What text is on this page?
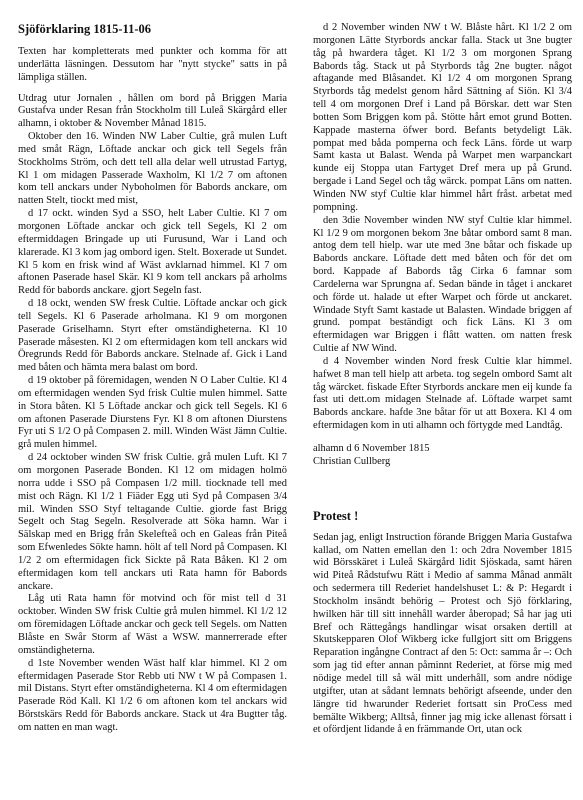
Sjöförklaring 1815-11-06

Texten har kompletterats med punkter och komma för att underlätta läsningen. Dessutom har "nytt stycke" satts in på lämpliga ställen.

Utdrag utur Jornalen , hållen om bord på Briggen Maria Gustafva under Resan från Stockholm till Luleå Skärgård eller alhamn, i oktober & November Månad 1815.

Oktober den 16. Winden NW Laber Cultie, grå mulen Luft med småt Rägn, Löftade anckar och gick tell Segels från Stockholms Ström, och dett tell alla delar well utrustad Fartyg, Kl 1 om midagen Passerade Waxholm, Kl 1/2 7 om aftonen kom tell anckars under Nyboholmen för Babords anckare, om natten Stelt, tiockt med mist,

d 17 ockt. winden Syd a SSO, helt Laber Cultie. Kl 7 om morgonen Löftade anckar och gick tell Segels, Kl 2 om eftermiddagen Bringade up uti Furusund, War i Land och klarerade. Kl 3 kom jag ombord igen. Stelt. Boxerade ut Sundet. Kl 5 kom en frisk wind af Wäst avklarnad himmel. Kl 7 om aftonen Paserade hasel Skär. Kl 9 kom tell anckars på arholms Redd för babords anckare. gjort Segeln fast.

d 18 ockt, wenden SW fresk Cultie. Löftade anckar och gick tell Segels. Kl 6 Paserade arholmana. Kl 9 om morgonen Paserade Griselhamn. Styrt efter omständigheterna. Kl 10 Paserade måsesten. Kl 2 om eftermidagen kom tell anckars wid Öregrunds Redd för Babords anckare. Stelnade af. Gick i Land med båten och hämta mera balast om bord.

d 19 oktober på föremidagen, wenden N O Laber Cultie. Kl 4 om eftermidagen wenden Syd frisk Cultie mulen himmel. Satte in Stora båten. Kl 5 Löftade anckar och gick tell Segels. Kl 6 om aftonen Paserade Diurstens Fyr. Kl 8 om aftonen Diurstens Fyr uti S 1/2 O på Compasen 2. mill. Winden Wäst Jämn Cultie. grå mulen himmel.

d 24 ocktober winden SW frisk Cultie. grå mulen Luft. Kl 7 om morgonen Paserade Bonden. Kl 12 om midagen holmö norra udde i SSO på Compasen 1/2 mill. tiocknade tell med mist och Rägn. Kl 1/2 1 Fiäder Egg uti Syd på Compasen 3/4 mil. Winden SSO Styf teltagande Cultie. giorde fast Brigg Segelt och Stag Segeln. Resolverade att Söka hamn. War i Sälskap med en Brigg från Skelefteå och en Galeas från Piteå som Efwenledes Sökte hamn. hölt af tell Nord på Compasen. Kl 1/2 2 om eftermidagen fick Sickte på Rata Båken. Kl 2 om eftermidagen kom tell anckars uti Rata hamn för Babords anckare.

Låg uti Rata hamn för motvind och för mist tell d 31 ocktober. Winden SW frisk Cultie grå mulen himmel. Kl 1/2 12 om föremidagen Löftade anckar och geck tell Segels. om Natten Blåste en Swår Storm af Wäst a WSW. mannerrerade efter omständigheterna.

d 1ste November wenden Wäst half klar himmel. Kl 2 om eftermidagen Paserade Stor Rebb uti NW t W på Compasen 1. mil Distans. Styrt efter omständigheterna. Kl 4 om eftermidagen Paserade Röd Kall. Kl 1/2 6 om aftonen kom tel anckars wid Börstskärs Redd för Babords anckare. Stack ut 4ra Bugtter tåg. om natten en man wagt.

d 2 November winden NW t W. Blåste hårt. Kl 1/2 2 om morgonen Lätte Styrbords anckar falla. Stack ut 3ne bugter tåg på hwardera tåget. Kl 1/2 3 om morgonen Sprang Babords tåg. Stack ut på Styrbords tåg 2ne bugter. något aftagande med Blåsandet. Kl 1/2 4 om morgonen Sprang Styrbords tåg medelst genom hård Sättning af Siön. Kl 3/4 tell 4 om morgonen Dref i Land på Börskar. dett war Sten botten Som Briggen kom på. Stötte hårt emot grund Botten. Kappade masterna öfwer bord. Befants betydeligt Läk. pompat med båda pomperna och feck Läns. förde ut warp Samt kasta ut Balast. Wenda på Warpet men warpanckart kunde eij Stoppa utan Fartyget Dref mera up på Grund. bergade i Land Segel och tåg wärck. pompat Läns om natten. Winden NW styf Cultie klar himmel hårt fråst. arbetat med pompning.

den 3die November winden NW styf Cultie klar himmel. Kl 1/2 9 om morgonen bekom 3ne båtar ombord samt 8 man. antog dem tell hielp. war ute med 3ne båtar och fiskade up Babords anckare. Löftade dett med båten och för det om bord. Kappade af Babords tåg Cirka 6 famnar som Cardelerna war Sprungna af. Sedan bände in tåget i anckaret och förde ut. halade ut efter Warpet och förde ut anckaret. Windade Styft Samt kastade ut Balasten. Windade briggen af grund. pompat beständigt och fick Läns. Kl 3 om eftermidagen war Briggen i flått watten. om natten fresk Cultie af NW Wind.

d 4 November winden Nord fresk Cultie klar himmel. hafwet 8 man tell hielp att arbeta. tog segeln ombord Samt alt tåg wärcket. fiskade Efter Styrbords anckare men eij kunde fa fast uti dett.om midagen Stelnade af. Löftade warpet samt Babords anckare. hafde 3ne båtar för ut att Boxera. Kl 4 om eftermidagen kom in uti alhamn och förtygde med Landtåg.

alhamn d 6 November 1815
Christian Cullberg
Protest !

Sedan jag, enligt Instruction förande Briggen Maria Gustafwa kallad, om Natten emellan den 1: och 2dra November 1815 wid Börsskäret i Luleå Skärgård lidit Sjöskada, samt hären wid Piteå Rådstufwu Rätt i Medio af samma Månad anmält och sedermera till Rederiet handelshuset L: & P: Hegardt i Stockholm insändt behörig – Protest och Sjö förklaring, hwilken här till sitt innehåll warder åberopad; Så har jag uti Bref och Rättegångs handlingar wisat orsaken dertill at Skutskepparen Olof Wikberg icke fullgjort sitt om Briggens Reparation ingångne Contract af den 5: Oct: samma år –: Och som jag tid efter annan påminnt Rederiet, at förse mig med nödige medel till så wäl mitt underhåll, som andre nödige utgifter, utan at sådant lemnats behörigt afseende, under den längre tid hwarunder Rederiet fortsatt sin ProCess med bemälte Wikberg; Alltså, finner jag mig icke allenast försatt i et ofördjent lidande å en främmande Ort, utan ock
